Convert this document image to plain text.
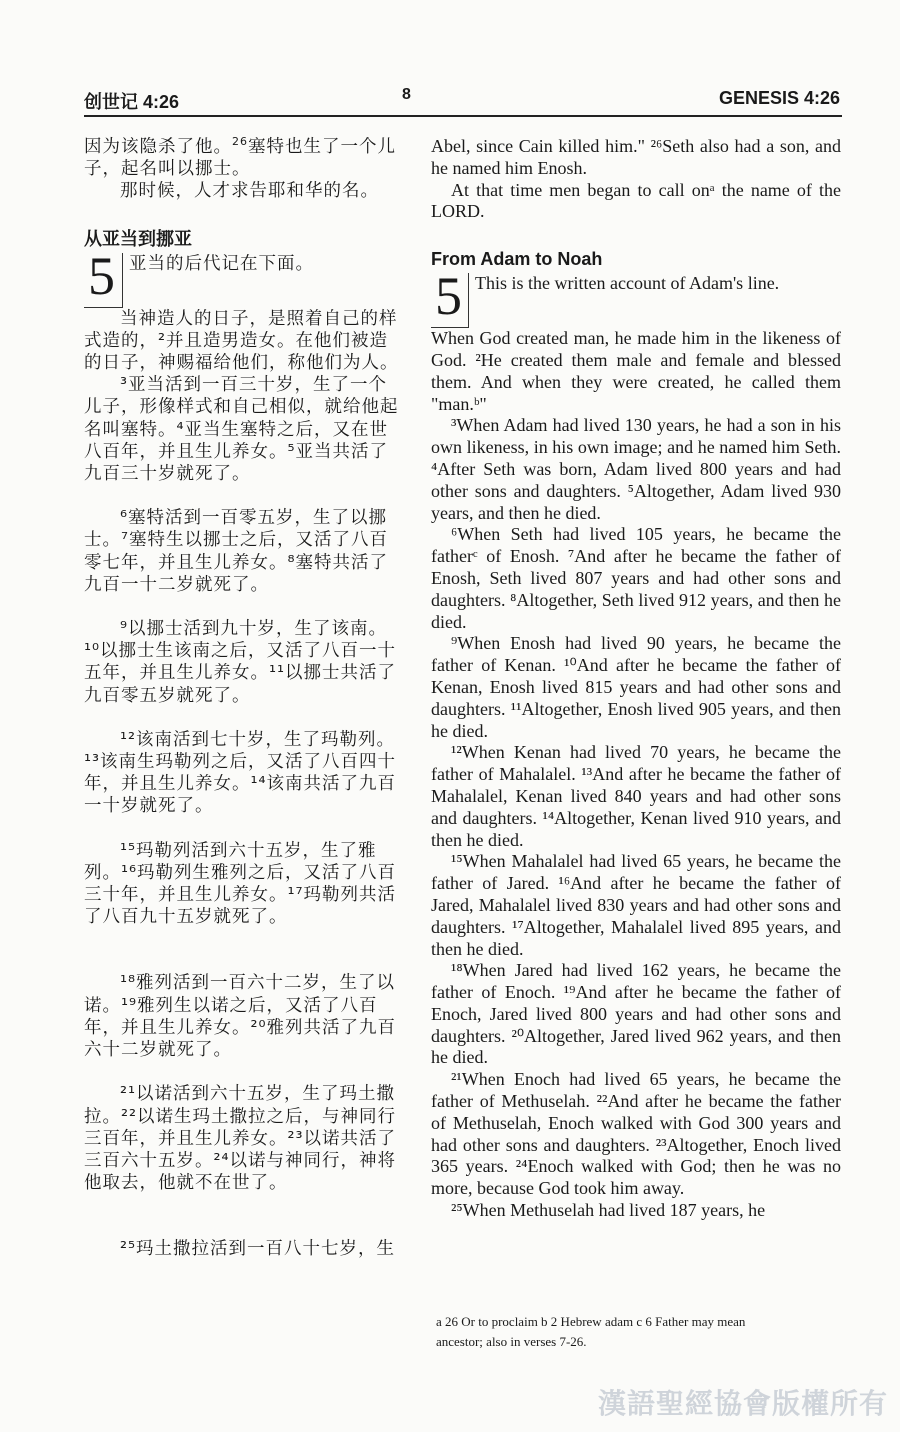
创世记 4:26	8	GENESIS 4:26

因为该隐杀了他。$^{26}$塞特也生了一个儿子，起名叫以挪士。

那时候，人才求告耶和华的名。

从亚当到挪亚
5 亚当的后代记在下面。

当神造人的日子，是照着自己的样式造的，²并且造男造女。在他们被造的日子，神赐福给他们，称他们为人。

³亚当活到一百三十岁，生了一个儿子，形像样式和自己相似，就给他起名叫塞特。⁴亚当生塞特之后，又在世八百年，并且生儿养女。⁵亚当共活了九百三十岁就死了。

⁶塞特活到一百零五岁，生了以挪士。⁷塞特生以挪士之后，又活了八百零七年，并且生儿养女。⁸塞特共活了九百一十二岁就死了。

⁹以挪士活到九十岁，生了该南。¹⁰以挪士生该南之后，又活了八百一十五年，并且生儿养女。¹¹以挪士共活了九百零五岁就死了。

¹²该南活到七十岁，生了玛勒列。¹³该南生玛勒列之后，又活了八百四十年，并且生儿养女。¹⁴该南共活了九百一十岁就死了。

¹⁵玛勒列活到六十五岁，生了雅列。¹⁶玛勒列生雅列之后，又活了八百三十年，并且生儿养女。¹⁷玛勒列共活了八百九十五岁就死了。

¹⁸雅列活到一百六十二岁，生了以诺。¹⁹雅列生以诺之后，又活了八百年，并且生儿养女。²⁰雅列共活了九百六十二岁就死了。

²¹以诺活到六十五岁，生了玛土撒拉。²²以诺生玛土撒拉之后，与神同行三百年，并且生儿养女。²³以诺共活了三百六十五岁。²⁴以诺与神同行，神将他取去，他就不在世了。

²⁵玛土撒拉活到一百八十七岁，生

Abel, since Cain killed him." ²⁶Seth also had a son, and he named him Enosh.

At that time men began to call onᵃ the name of the LORD.

From Adam to Noah
5 This is the written account of Adam's line.

When God created man, he made him in the likeness of God. ²He created them male and female and blessed them. And when they were created, he called them "man.ᵇ"

³When Adam had lived 130 years, he had a son in his own likeness, in his own image; and he named him Seth. ⁴After Seth was born, Adam lived 800 years and had other sons and daughters. ⁵Altogether, Adam lived 930 years, and then he died.

⁶When Seth had lived 105 years, he became the fatherᶜ of Enosh. ⁷And after he became the father of Enosh, Seth lived 807 years and had other sons and daughters. ⁸Altogether, Seth lived 912 years, and then he died.

⁹When Enosh had lived 90 years, he became the father of Kenan. ¹⁰And after he became the father of Kenan, Enosh lived 815 years and had other sons and daughters. ¹¹Altogether, Enosh lived 905 years, and then he died.

¹²When Kenan had lived 70 years, he became the father of Mahalalel. ¹³And after he became the father of Mahalalel, Kenan lived 840 years and had other sons and daughters. ¹⁴Altogether, Kenan lived 910 years, and then he died.

¹⁵When Mahalalel had lived 65 years, he became the father of Jared. ¹⁶And after he became the father of Jared, Mahalalel lived 830 years and had other sons and daughters. ¹⁷Altogether, Mahalalel lived 895 years, and then he died.

¹⁸When Jared had lived 162 years, he became the father of Enoch. ¹⁹And after he became the father of Enoch, Jared lived 800 years and had other sons and daughters. ²⁰Altogether, Jared lived 962 years, and then he died.

²¹When Enoch had lived 65 years, he became the father of Methuselah. ²²And after he became the father of Methuselah, Enoch walked with God 300 years and had other sons and daughters. ²³Altogether, Enoch lived 365 years. ²⁴Enoch walked with God; then he was no more, because God took him away.

²⁵When Methuselah had lived 187 years, he

a 26 Or to proclaim b 2 Hebrew adam c 6 Father may mean
ancestor; also in verses 7-26.
漢語聖經協會版權所有
